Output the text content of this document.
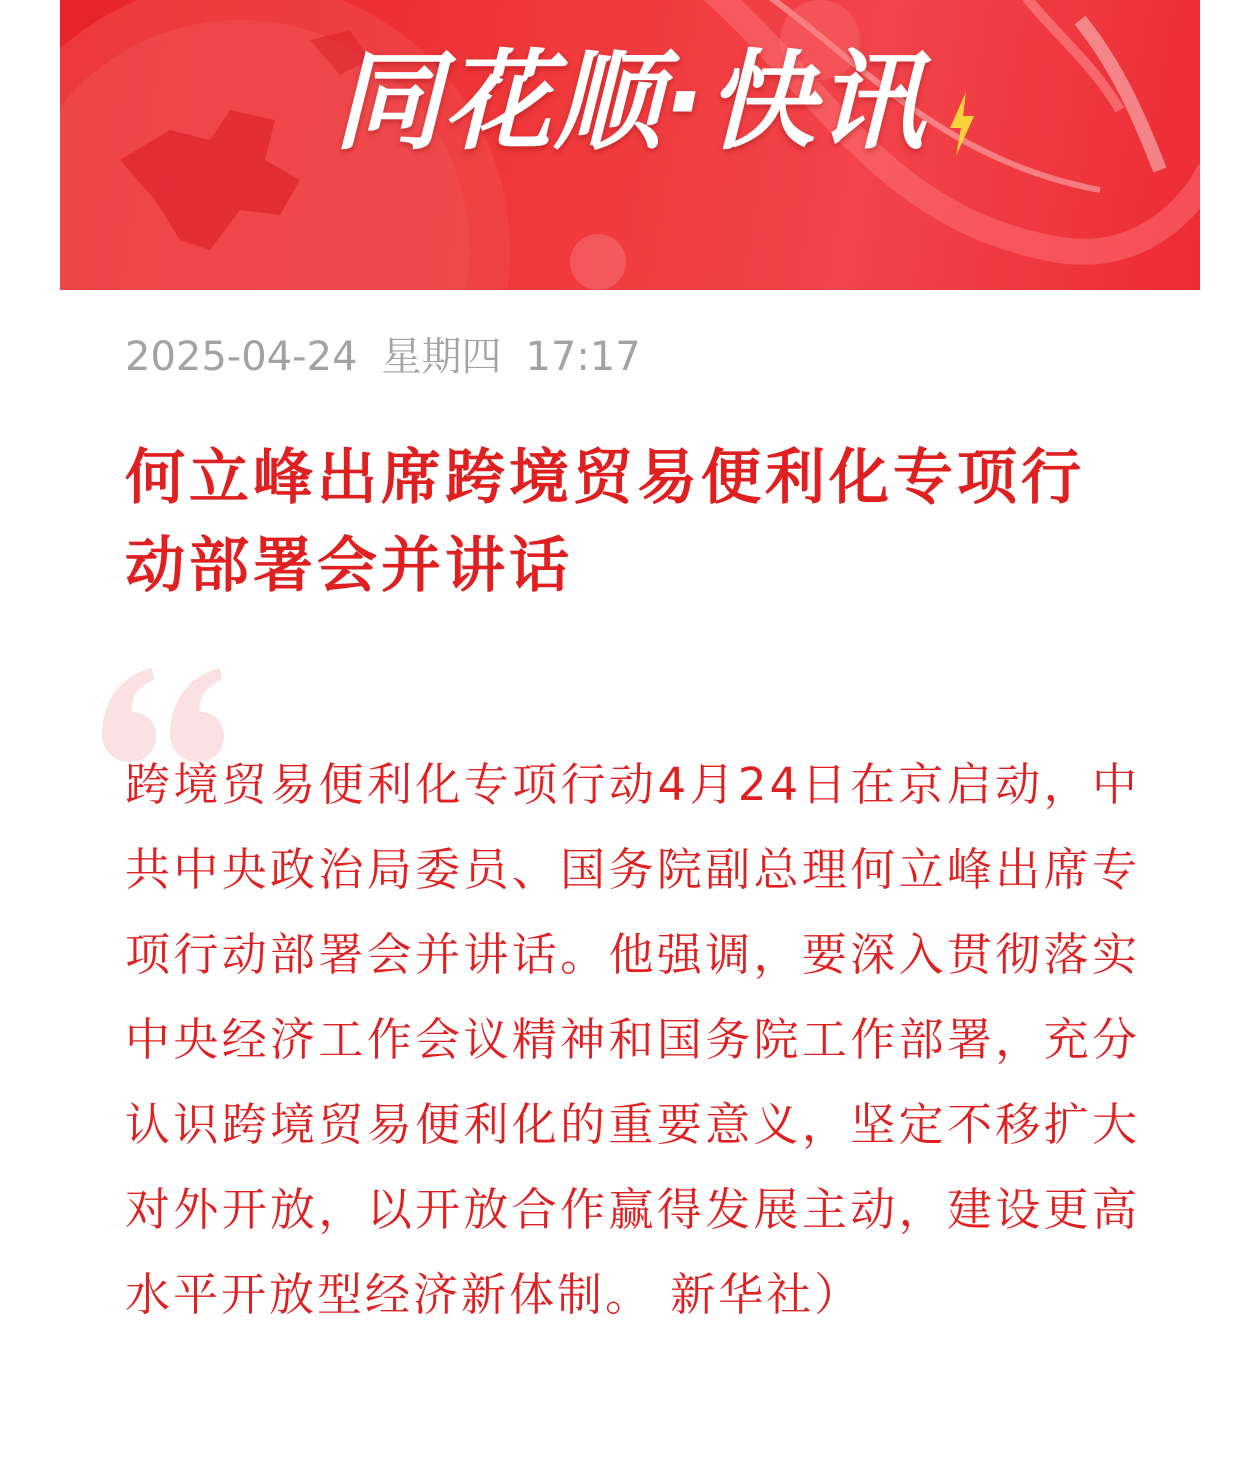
同花顺·快讯
2025-04-24 星期四 17:17
何立峰出席跨境贸易便利化专项行动部署会并讲话
跨境贸易便利化专项行动4月24日在京启动，中共中央政治局委员、国务院副总理何立峰出席专项行动部署会并讲话。他强调，要深入贯彻落实中央经济工作会议精神和国务院工作部署，充分认识跨境贸易便利化的重要意义，坚定不移扩大对外开放，以开放合作赢得发展主动，建设更高水平开放型经济新体制。 新华社）
